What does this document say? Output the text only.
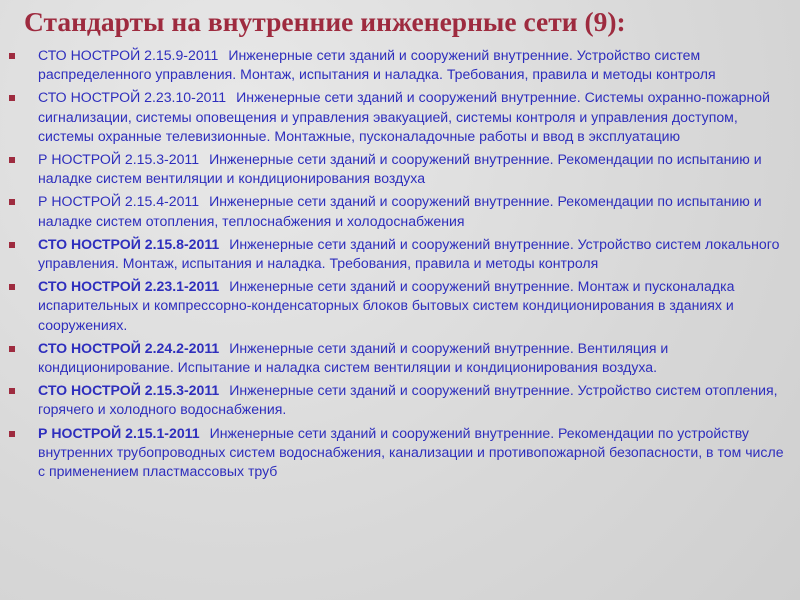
Стандарты на внутренние инженерные сети (9):
СТО НОСТРОЙ 2.15.9-2011 Инженерные сети зданий и сооружений внутренние. Устройство систем распределенного управления. Монтаж, испытания и наладка. Требования, правила и методы контроля
СТО НОСТРОЙ 2.23.10-2011 Инженерные сети зданий и сооружений внутренние. Системы охранно-пожарной сигнализации, системы оповещения и управления эвакуацией, системы контроля и управления доступом, системы охранные телевизионные. Монтажные, пусконаладочные работы и ввод в эксплуатацию
Р НОСТРОЙ 2.15.3-2011 Инженерные сети зданий и сооружений внутренние. Рекомендации по испытанию и наладке систем вентиляции и кондиционирования воздуха
Р НОСТРОЙ 2.15.4-2011 Инженерные сети зданий и сооружений внутренние. Рекомендации по испытанию и наладке систем отопления, теплоснабжения и холодоснабжения
СТО НОСТРОЙ 2.15.8-2011 Инженерные сети зданий и сооружений внутренние. Устройство систем локального управления. Монтаж, испытания и наладка. Требования, правила и методы контроля
СТО НОСТРОЙ 2.23.1-2011 Инженерные сети зданий и сооружений внутренние. Монтаж и пусконаладка испарительных и компрессорно-конденсаторных блоков бытовых систем кондиционирования в зданиях и сооружениях.
СТО НОСТРОЙ 2.24.2-2011 Инженерные сети зданий и сооружений внутренние. Вентиляция и кондиционирование. Испытание и наладка систем вентиляции и кондиционирования воздуха.
СТО НОСТРОЙ 2.15.3-2011 Инженерные сети зданий и сооружений внутренние. Устройство систем отопления, горячего и холодного водоснабжения.
Р НОСТРОЙ 2.15.1-2011 Инженерные сети зданий и сооружений внутренние. Рекомендации по устройству внутренних трубопроводных систем водоснабжения, канализации и противопожарной безопасности, в том числе с применением пластмассовых труб
